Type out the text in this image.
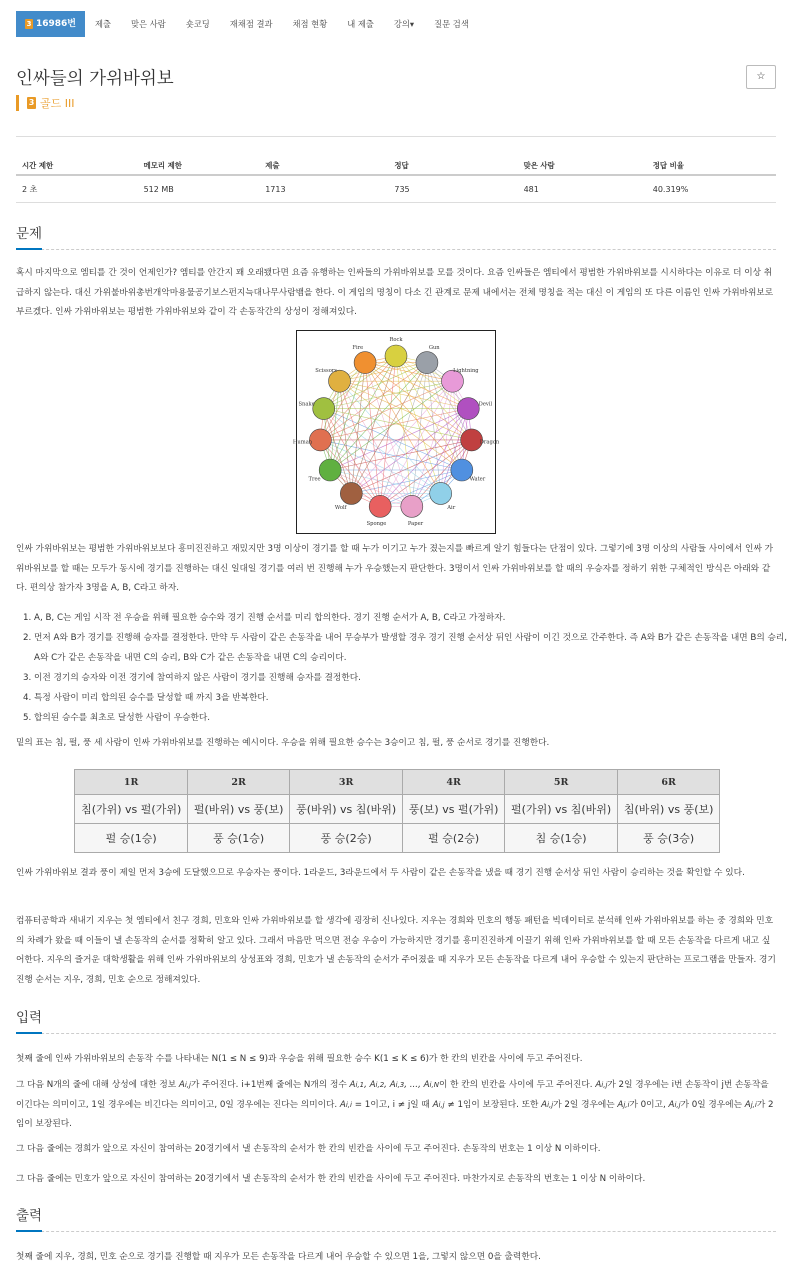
3 16986번	제출	맞은 사람	숏코딩	재채점 결과	채점 현황	내 제출	강의▾	질문 검색
인싸들의 가위바위보	☆
3 골드 III
시간 제한	메모리 제한	제출	정답	맞은 사람	정답 비율
2 초	512 MB	1713	735	481	40.319%
문제
혹시 마지막으로 엠티를 간 것이 언제인가? 엠티를 안간지 꽤 오래됐다면 요즘 유행하는 인싸들의 가위바위보를 모를 것이다. 요즘 인싸들은 엠티에서 평범한 가위바위보를 시시하다는 이유로 더 이상 취급하지 않는다. 대신 가위불바위총번개악마용물공기보스펀지늑대나무사람뱀을 한다. 이 게임의 명칭이 다소 긴 관계로 문제 내에서는 전체 명칭을 적는 대신 이 게임의 또 다른 이름인 인싸 가위바위보로 부르겠다. 인싸 가위바위보는 평범한 가위바위보와 같이 각 손동작간의 상성이 정해져있다.
Rock
Gun
Lightning
Devil
Dragon
Water
Air
Paper
Sponge
Wolf
Tree
Human
Snake
Scissors
Fire
인싸 가위바위보는 평범한 가위바위보보다 흥미진진하고 재밌지만 3명 이상이 경기를 할 때 누가 이기고 누가 졌는지를 빠르게 알기 힘들다는 단점이 있다. 그렇기에 3명 이상의 사람들 사이에서 인싸 가위바위보를 할 때는 모두가 동시에 경기를 진행하는 대신 일대일 경기를 여러 번 진행해 누가 우승했는지 판단한다. 3명이서 인싸 가위바위보를 할 때의 우승자를 정하기 위한 구체적인 방식은 아래와 같다. 편의상 참가자 3명을 A, B, C라고 하자.
1. A, B, C는 게임 시작 전 우승을 위해 필요한 승수와 경기 진행 순서를 미리 합의한다. 경기 진행 순서가 A, B, C라고 가정하자.
2. 먼저 A와 B가 경기를 진행해 승자를 결정한다. 만약 두 사람이 같은 손동작을 내어 무승부가 발생할 경우 경기 진행 순서상 뒤인 사람이 이긴 것으로 간주한다. 즉 A와 B가 같은 손동작을 내면 B의 승리, A와 C가 같은 손동작을 내면 C의 승리, B와 C가 같은 손동작을 내면 C의 승리이다.
3. 이전 경기의 승자와 이전 경기에 참여하지 않은 사람이 경기를 진행해 승자를 결정한다.
4. 특정 사람이 미리 합의된 승수를 달성할 때 까지 3을 반복한다.
5. 합의된 승수를 최초로 달성한 사람이 우승한다.
밑의 표는 침, 펄, 풍 세 사람이 인싸 가위바위보를 진행하는 예시이다. 우승을 위해 필요한 승수는 3승이고 침, 펄, 풍 순서로 경기를 진행한다.
1R	2R	3R	4R	5R	6R
침(가위) vs 펄(가위)	펄(바위) vs 풍(보)	풍(바위) vs 침(바위)	풍(보) vs 펄(가위)	펄(가위) vs 침(바위)	침(바위) vs 풍(보)
펄 승(1승)	풍 승(1승)	풍 승(2승)	펄 승(2승)	침 승(1승)	풍 승(3승)
인싸 가위바위보 결과 풍이 제일 먼저 3승에 도달했으므로 우승자는 풍이다. 1라운드, 3라운드에서 두 사람이 같은 손동작을 냈을 때 경기 진행 순서상 뒤인 사람이 승리하는 것을 확인할 수 있다.
컴퓨터공학과 새내기 지우는 첫 엠티에서 친구 경희, 민호와 인싸 가위바위보를 할 생각에 굉장히 신나있다. 지우는 경희와 민호의 행동 패턴을 빅데이터로 분석해 인싸 가위바위보를 하는 중 경희와 민호의 차례가 왔을 때 이들이 낼 손동작의 순서를 정확히 알고 있다. 그래서 마음만 먹으면 전승 우승이 가능하지만 경기를 흥미진진하게 이끌기 위해 인싸 가위바위보를 할 때 모든 손동작을 다르게 내고 싶어한다. 지우의 즐거운 대학생활을 위해 인싸 가위바위보의 상성표와 경희, 민호가 낼 손동작의 순서가 주어졌을 때 지우가 모든 손동작을 다르게 내어 우승할 수 있는지 판단하는 프로그램을 만들자. 경기 진행 순서는 지우, 경희, 민호 순으로 정해져있다.
입력
첫째 줄에 인싸 가위바위보의 손동작 수를 나타내는 N(1 ≤ N ≤ 9)과 우승을 위해 필요한 승수 K(1 ≤ K ≤ 6)가 한 칸의 빈칸을 사이에 두고 주어진다.
그 다음 N개의 줄에 대해 상성에 대한 정보 Ai,j가 주어진다. i+1번째 줄에는 N개의 정수 Ai,1, Ai,2, Ai,3, ..., Ai,N이 한 칸의 빈칸을 사이에 두고 주어진다. Ai,j가 2일 경우에는 i번 손동작이 j번 손동작을 이긴다는 의미이고, 1일 경우에는 비긴다는 의미이고, 0일 경우에는 진다는 의미이다. Ai,i = 1이고, i ≠ j일 때 Ai,j ≠ 1임이 보장된다. 또한 Ai,j가 2일 경우에는 Aj,i가 0이고, Ai,j가 0일 경우에는 Aj,i가 2임이 보장된다.
그 다음 줄에는 경희가 앞으로 자신이 참여하는 20경기에서 낼 손동작의 순서가 한 칸의 빈칸을 사이에 두고 주어진다. 손동작의 번호는 1 이상 N 이하이다.
그 다음 줄에는 민호가 앞으로 자신이 참여하는 20경기에서 낼 손동작의 순서가 한 칸의 빈칸을 사이에 두고 주어진다. 마찬가지로 손동작의 번호는 1 이상 N 이하이다.
출력
첫째 줄에 지우, 경희, 민호 순으로 경기를 진행할 때 지우가 모든 손동작을 다르게 내어 우승할 수 있으면 1을, 그렇지 않으면 0을 출력한다.
